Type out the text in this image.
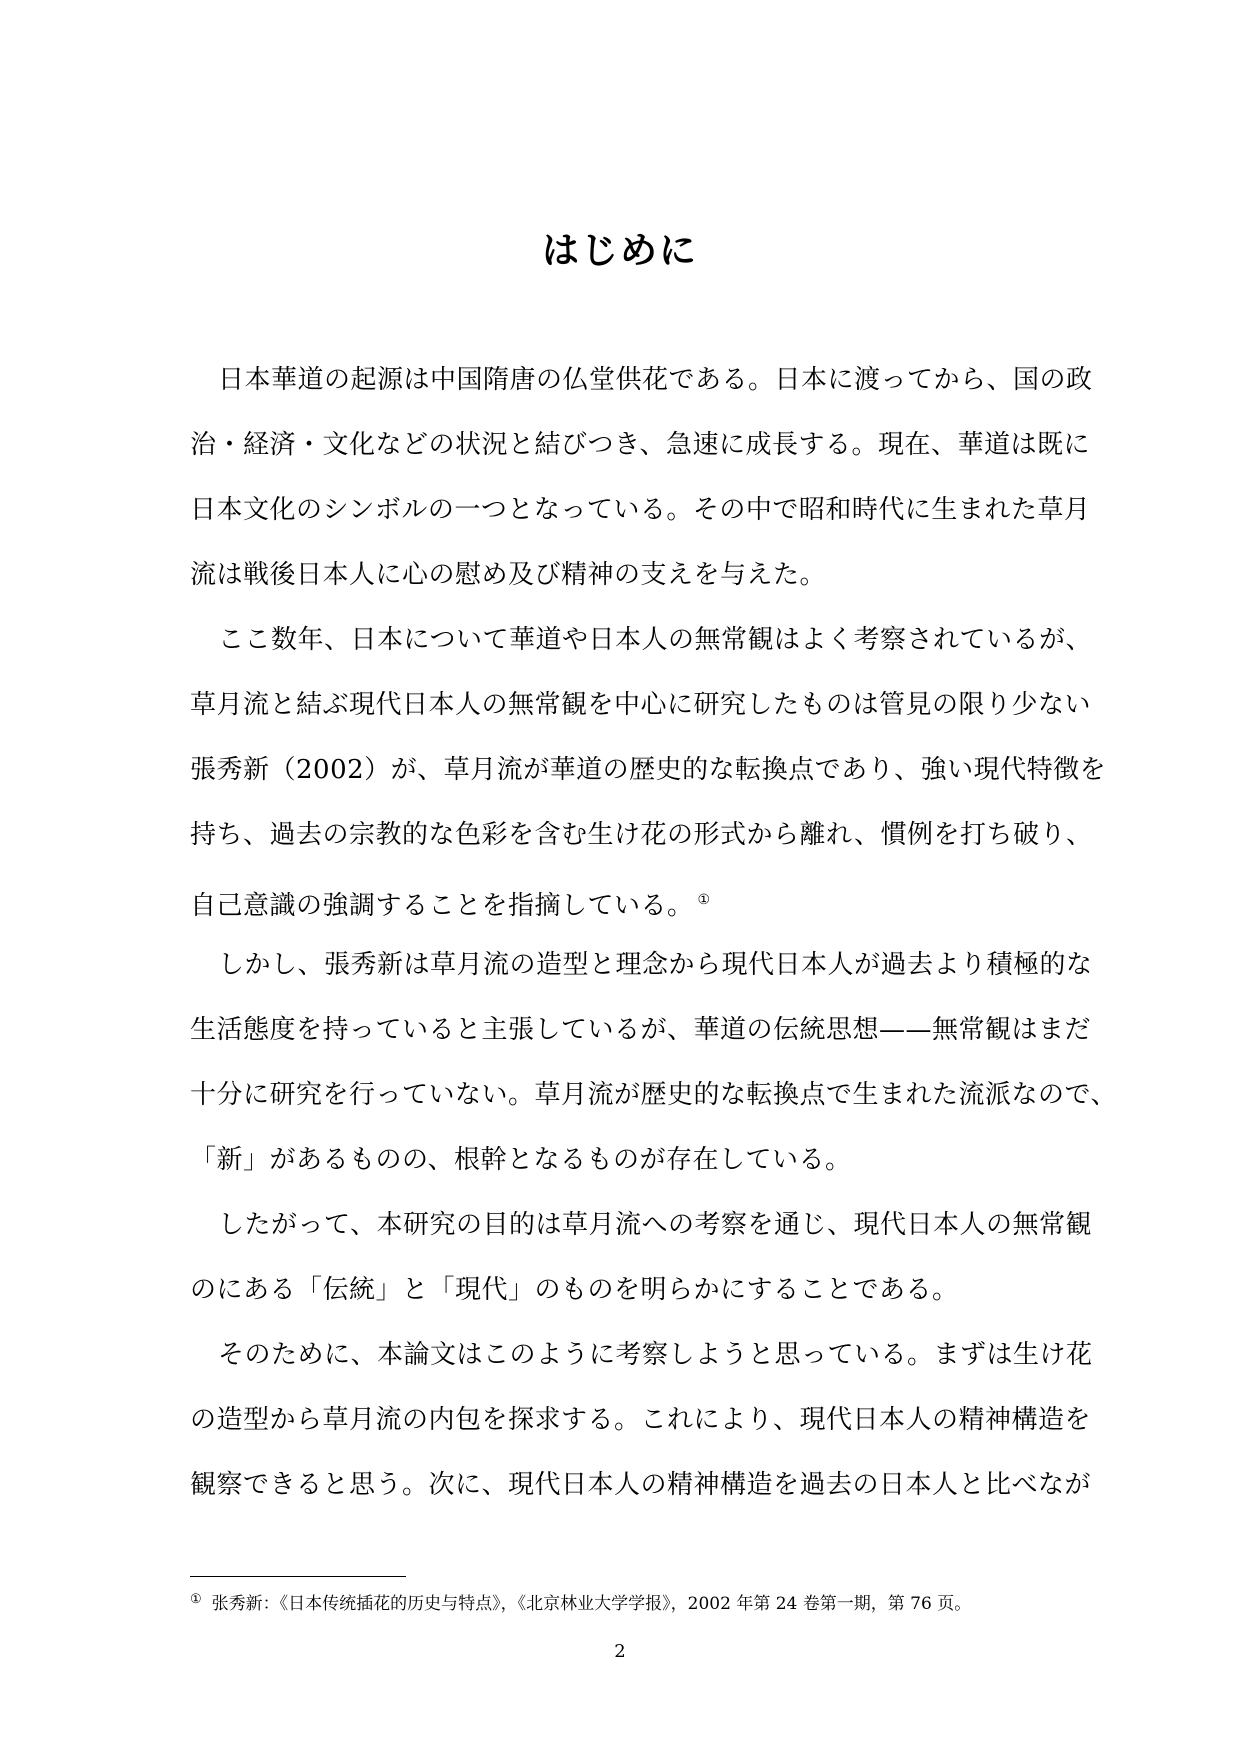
はじめに
日本華道の起源は中国隋唐の仏堂供花である。日本に渡ってから、国の政
治・経済・文化などの状況と結びつき、急速に成長する。現在、華道は既に
日本文化のシンボルの一つとなっている。その中で昭和時代に生まれた草月
流は戦後日本人に心の慰め及び精神の支えを与えた。
ここ数年、日本について華道や日本人の無常観はよく考察されているが、
草月流と結ぶ現代日本人の無常観を中心に研究したものは管見の限り少ない
張秀新（2002）が、草月流が華道の歴史的な転換点であり、強い現代特徴を
持ち、過去の宗教的な色彩を含む生け花の形式から離れ、慣例を打ち破り、
自己意識の強調することを指摘している。 ①
しかし、張秀新は草月流の造型と理念から現代日本人が過去より積極的な
生活態度を持っていると主張しているが、華道の伝統思想——無常観はまだ
十分に研究を行っていない。草月流が歴史的な転換点で生まれた流派なので、
「新」があるものの、根幹となるものが存在している。
したがって、本研究の目的は草月流への考察を通じ、現代日本人の無常観
のにある「伝統」と「現代」のものを明らかにすることである。
そのために、本論文はこのように考察しようと思っている。まずは生け花
の造型から草月流の内包を探求する。これにより、現代日本人の精神構造を
観察できると思う。次に、現代日本人の精神構造を過去の日本人と比べなが
① 张秀新：《日本传统插花的历史与特点》，《北京林业大学学报》，2002 年第 24 卷第一期，第 76 页。
2
